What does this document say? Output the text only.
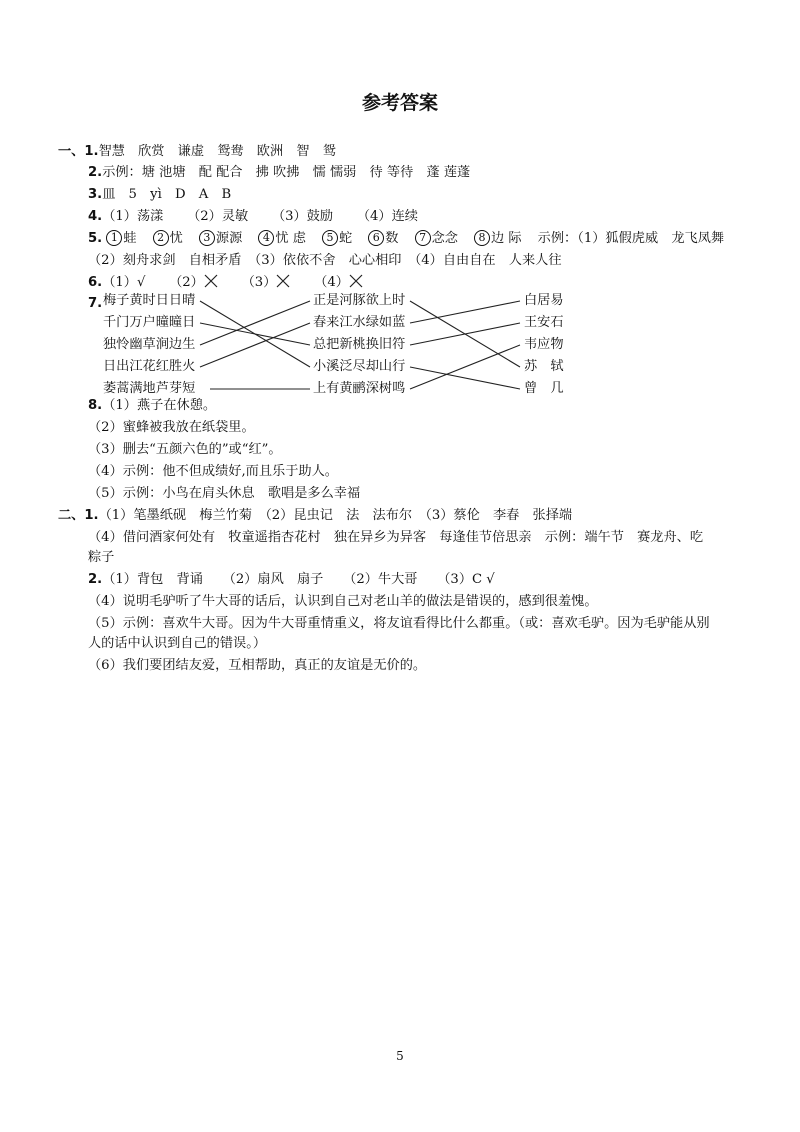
参考答案
一、1.智慧　欣赏　谦虚　鸳鸯　欧洲　智　鸳
2.示例：塘 池塘　配 配合　拂 吹拂　懦 懦弱　待 等待　蓬 莲蓬
3.皿　5　yì　D　A　B
4.（1）荡漾 （2）灵敏 （3）鼓励 （4）连续
5. 1 蛙 2 忧 3 源源 4 忧 虑 5 蛇 6 数 7 念念 8 边 际 示例：（1）狐假虎威　龙飞凤舞
（2）刻舟求剑　自相矛盾　（3）依依不舍　心心相印　（4）自由自在　人来人往
6.（1）√ （2）	（3）	（4）
7. 梅子黄时日日晴
千门万户曈曈日
独怜幽草涧边生
日出江花红胜火
萎蒿满地芦芽短
正是河豚欲上时
春来江水绿如蓝
总把新桃换旧符
小溪泛尽却山行
上有黄鹂深树鸣
白居易
王安石
韦应物
苏　轼
曾　几
8.（1）燕子在休憩。
（2）蜜蜂被我放在纸袋里。
（3）删去“五颜六色的”或“红”。
（4）示例：他不但成绩好,而且乐于助人。
（5）示例：小鸟在肩头休息　歌唱是多么幸福
二、1.（1）笔墨纸砚　梅兰竹菊　（2）昆虫记　法　法布尔　（3）蔡伦　李春　张择端
（4）借问酒家何处有　牧童遥指杏花村　独在异乡为异客　每逢佳节倍思亲　示例：端午节　赛龙舟、吃
粽子
2.（1）背包　背诵　　（2）扇风　扇子　　（2）牛大哥　　（3）C √
（4）说明毛驴听了牛大哥的话后，认识到自己对老山羊的做法是错误的，感到很羞愧。
（5）示例：喜欢牛大哥。因为牛大哥重情重义，将友谊看得比什么都重。（或：喜欢毛驴。因为毛驴能从别
人的话中认识到自己的错误。）
（6）我们要团结友爱，互相帮助，真正的友谊是无价的。
5
